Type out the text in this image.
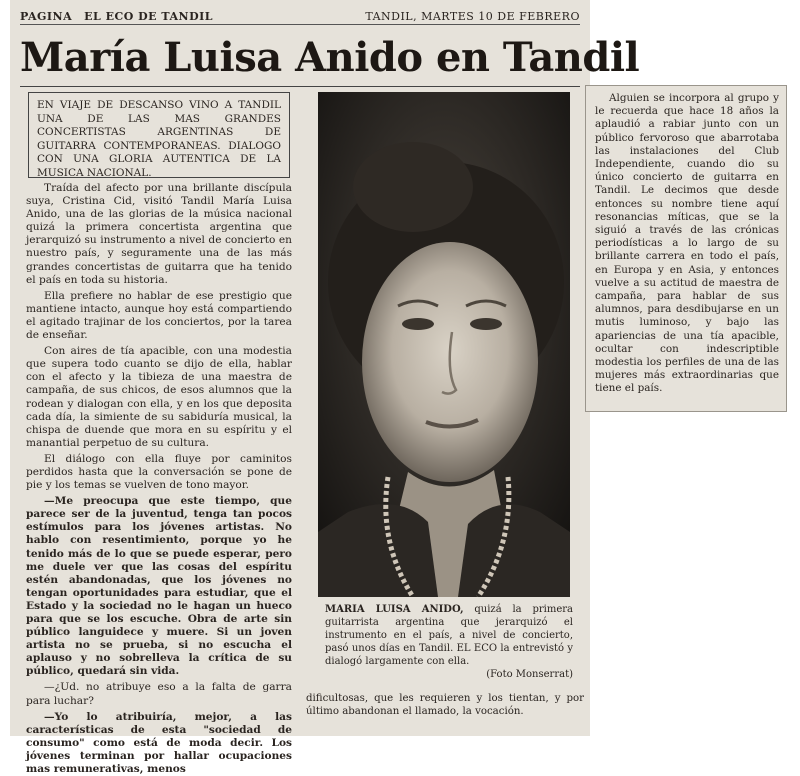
PAGINA EL ECO DE TANDIL	TANDIL, MARTES 10 DE FEBRERO
María Luisa Anido en Tandil
EN VIAJE DE DESCANSO VINO A TANDIL UNA DE LAS MAS GRANDES CONCERTISTAS ARGENTINAS DE GUITARRA CONTEMPORANEAS. DIALOGO CON UNA GLORIA AUTENTICA DE LA MUSICA NACIONAL.

Traída del afecto por una brillante discípula suya, Cristina Cid, visitó Tandil María Luisa Anido, una de las glorias de la música nacional quizá la primera concertista argentina que jerarquizó su instrumento a nivel de concierto en nuestro país, y seguramente una de las más grandes concertistas de guitarra que ha tenido el país en toda su historia.

Ella prefiere no hablar de ese prestigio que mantiene intacto, aunque hoy está compartiendo el agitado trajinar de los conciertos, por la tarea de enseñar.

Con aires de tía apacible, con una modestia que supera todo cuanto se dijo de ella, hablar con el afecto y la tibieza de una maestra de campaña, de sus chicos, de esos alumnos que la rodean y dialogan con ella, y en los que deposita cada día, la simiente de su sabiduría musical, la chispa de duende que mora en su espíritu y el manantial perpetuo de su cultura.

El diálogo con ella fluye por caminitos perdidos hasta que la conversación se pone de pie y los temas se vuelven de tono mayor.

—Me preocupa que este tiempo, que parece ser de la juventud, tenga tan pocos estímulos para los jóvenes artistas. No hablo con resentimiento, porque yo he tenido más de lo que se puede esperar, pero me duele ver que las cosas del espíritu estén abandonadas, que los jóvenes no tengan oportunidades para estudiar, que el Estado y la sociedad no le hagan un hueco para que se los escuche. Obra de arte sin público languidece y muere. Si un joven artista no se prueba, si no escucha el aplauso y no sobrelleva la crítica de su público, quedará sin vida.

—¿Ud. no atribuye eso a la falta de garra para luchar?

—Yo lo atribuiría, mejor, a las características de esta "sociedad de consumo" como está de moda decir. Los jóvenes terminan por hallar ocupaciones mas remunerativas, menos

MARIA LUISA ANIDO, quizá la primera guitarrista argentina que jerarquizó el instrumento en el país, a nivel de concierto, pasó unos días en Tandil. EL ECO la entrevistó y dialogó largamente con ella.
(Foto Monserrat)
dificultosas, que les requieren y los tientan, y por último abandonan el llamado, la vocación.

Alguien se incorpora al grupo y le recuerda que hace 18 años la aplaudió a rabiar junto con un público fervoroso que abarrotaba las instalaciones del Club Independiente, cuando dio su único concierto de guitarra en Tandil. Le decimos que desde entonces su nombre tiene aquí resonancias míticas, que se la siguió a través de las crónicas periodísticas a lo largo de su brillante carrera en todo el país, en Europa y en Asia, y entonces vuelve a su actitud de maestra de campaña, para hablar de sus alumnos, para desdibujarse en un mutis luminoso, y bajo las apariencias de una tía apacible, ocultar con indescriptible modestia los perfiles de una de las mujeres más extraordinarias que tiene el país.
